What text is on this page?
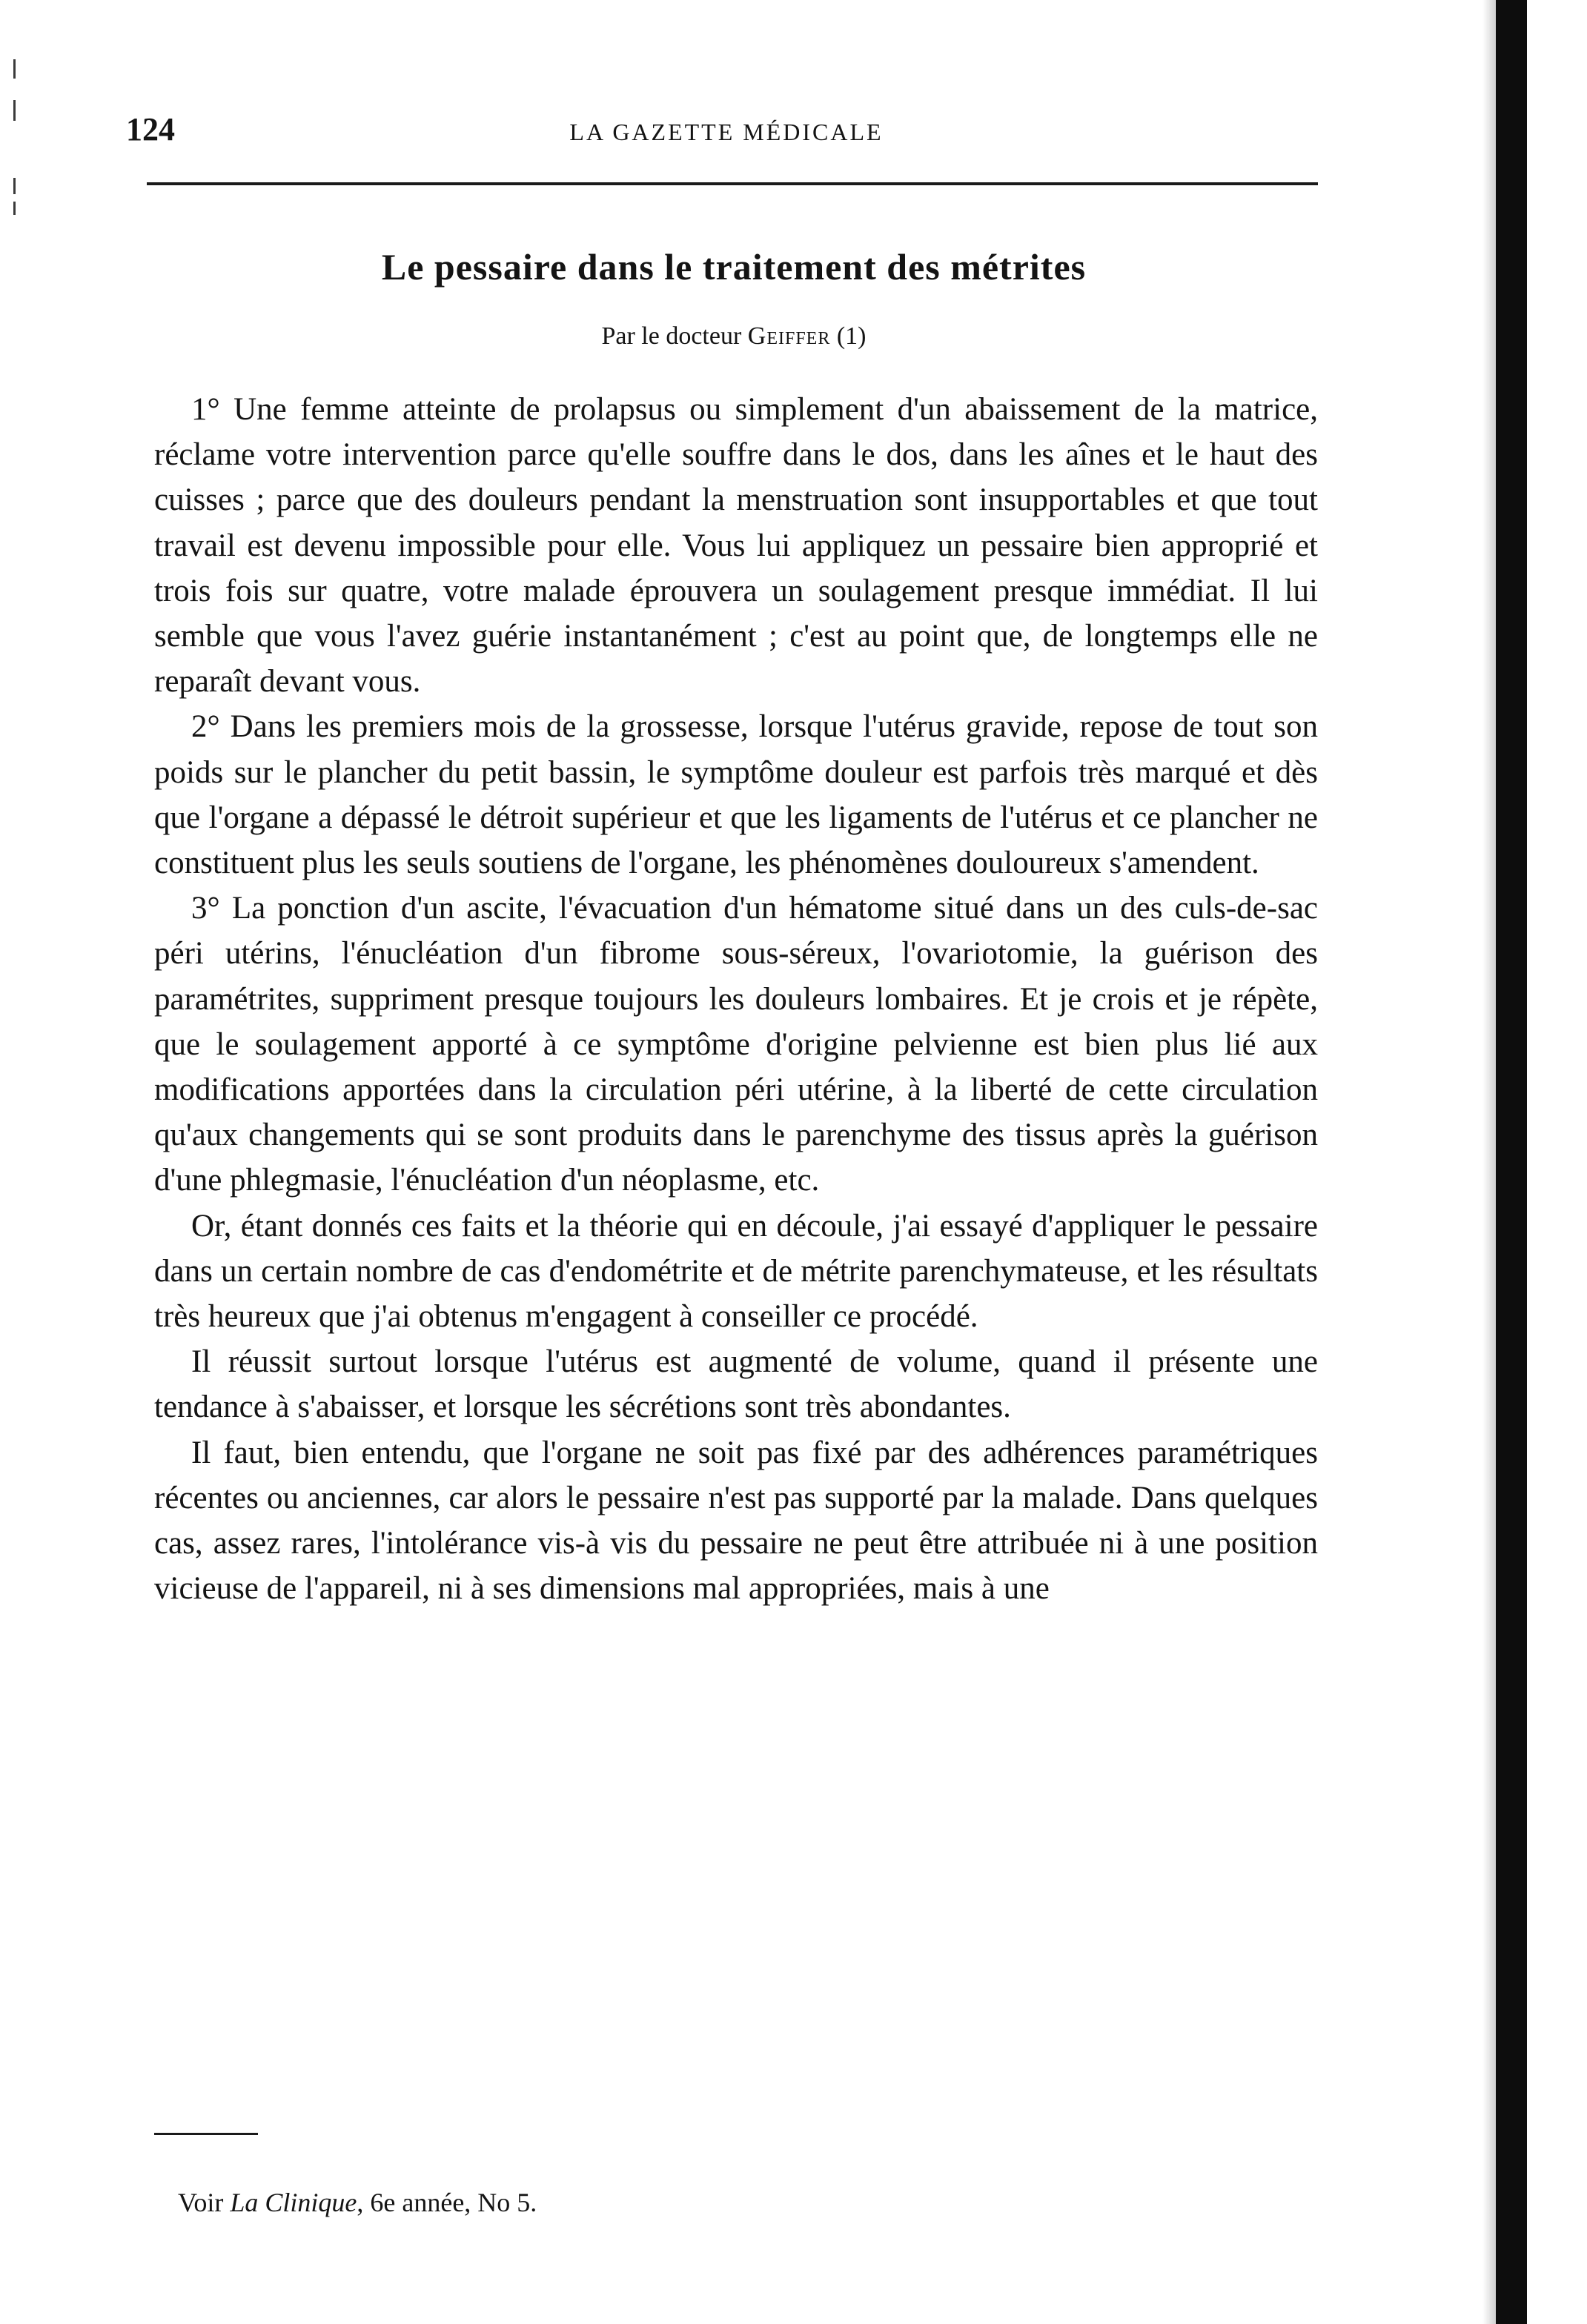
124	LA GAZETTE MÉDICALE
Le pessaire dans le traitement des métrites
Par le docteur Geiffer (1)

1° Une femme atteinte de prolapsus ou simplement d'un abaissement de la matrice, réclame votre intervention parce qu'elle souffre dans le dos, dans les aînes et le haut des cuisses ; parce que des douleurs pendant la menstruation sont insupportables et que tout travail est devenu impossible pour elle. Vous lui appliquez un pessaire bien approprié et trois fois sur quatre, votre malade éprouvera un soulagement presque immédiat. Il lui semble que vous l'avez guérie instantanément ; c'est au point que, de longtemps elle ne reparaît devant vous.

2° Dans les premiers mois de la grossesse, lorsque l'utérus gravide, repose de tout son poids sur le plancher du petit bassin, le symptôme douleur est parfois très marqué et dès que l'organe a dépassé le détroit supérieur et que les ligaments de l'utérus et ce plancher ne constituent plus les seuls soutiens de l'organe, les phénomènes douloureux s'amendent.

3° La ponction d'un ascite, l'évacuation d'un hématome situé dans un des culs-de-sac péri utérins, l'énucléation d'un fibrome sous-séreux, l'ovariotomie, la guérison des paramétrites, suppriment presque toujours les douleurs lombaires. Et je crois et je répète, que le soulagement apporté à ce symptôme d'origine pelvienne est bien plus lié aux modifications apportées dans la circulation péri utérine, à la liberté de cette circulation qu'aux changements qui se sont produits dans le parenchyme des tissus après la guérison d'une phlegmasie, l'énucléation d'un néoplasme, etc.

Or, étant donnés ces faits et la théorie qui en découle, j'ai essayé d'appliquer le pessaire dans un certain nombre de cas d'endométrite et de métrite parenchymateuse, et les résultats très heureux que j'ai obtenus m'engagent à conseiller ce procédé.

Il réussit surtout lorsque l'utérus est augmenté de volume, quand il présente une tendance à s'abaisser, et lorsque les sécrétions sont très abondantes.

Il faut, bien entendu, que l'organe ne soit pas fixé par des adhérences paramétriques récentes ou anciennes, car alors le pessaire n'est pas supporté par la malade. Dans quelques cas, assez rares, l'intolérance vis-à vis du pessaire ne peut être attribuée ni à une position vicieuse de l'appareil, ni à ses dimensions mal appropriées, mais à une

Voir La Clinique, 6e année, No 5.
